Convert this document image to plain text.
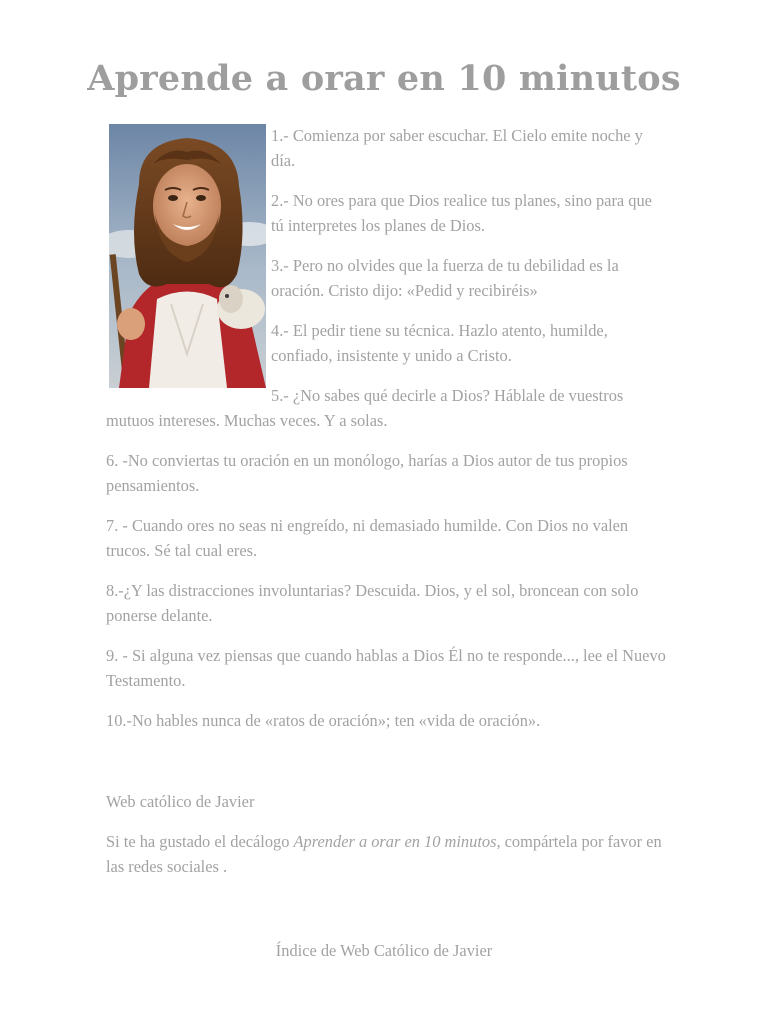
Aprende a orar en 10 minutos

1.- Comienza por saber escuchar. El Cielo emite noche y día.

2.- No ores para que Dios realice tus planes, sino para que tú interpretes los planes de Dios.

3.- Pero no olvides que la fuerza de tu debilidad es la oración. Cristo dijo: «Pedid y recibiréis»

4.- El pedir tiene su técnica. Hazlo atento, humilde, confiado, insistente y unido a Cristo.

5.- ¿No sabes qué decirle a Dios? Háblale de vuestros mutuos intereses. Muchas veces. Y a solas.

6. -No conviertas tu oración en un monólogo, harías a Dios autor de tus propios pensamientos.

7. - Cuando ores no seas ni engreído, ni demasiado humilde. Con Dios no valen trucos. Sé tal cual eres.

8.-¿Y las distracciones involuntarias? Descuida. Dios, y el sol, broncean con solo ponerse delante.

9. - Si alguna vez piensas que cuando hablas a Dios Él no te responde..., lee el Nuevo Testamento.

10.-No hables nunca de «ratos de oración»; ten «vida de oración».

Web católico de Javier

Si te ha gustado el decálogo Aprender a orar en 10 minutos, compártela por favor en las redes sociales .

Índice de Web Católico de Javier
